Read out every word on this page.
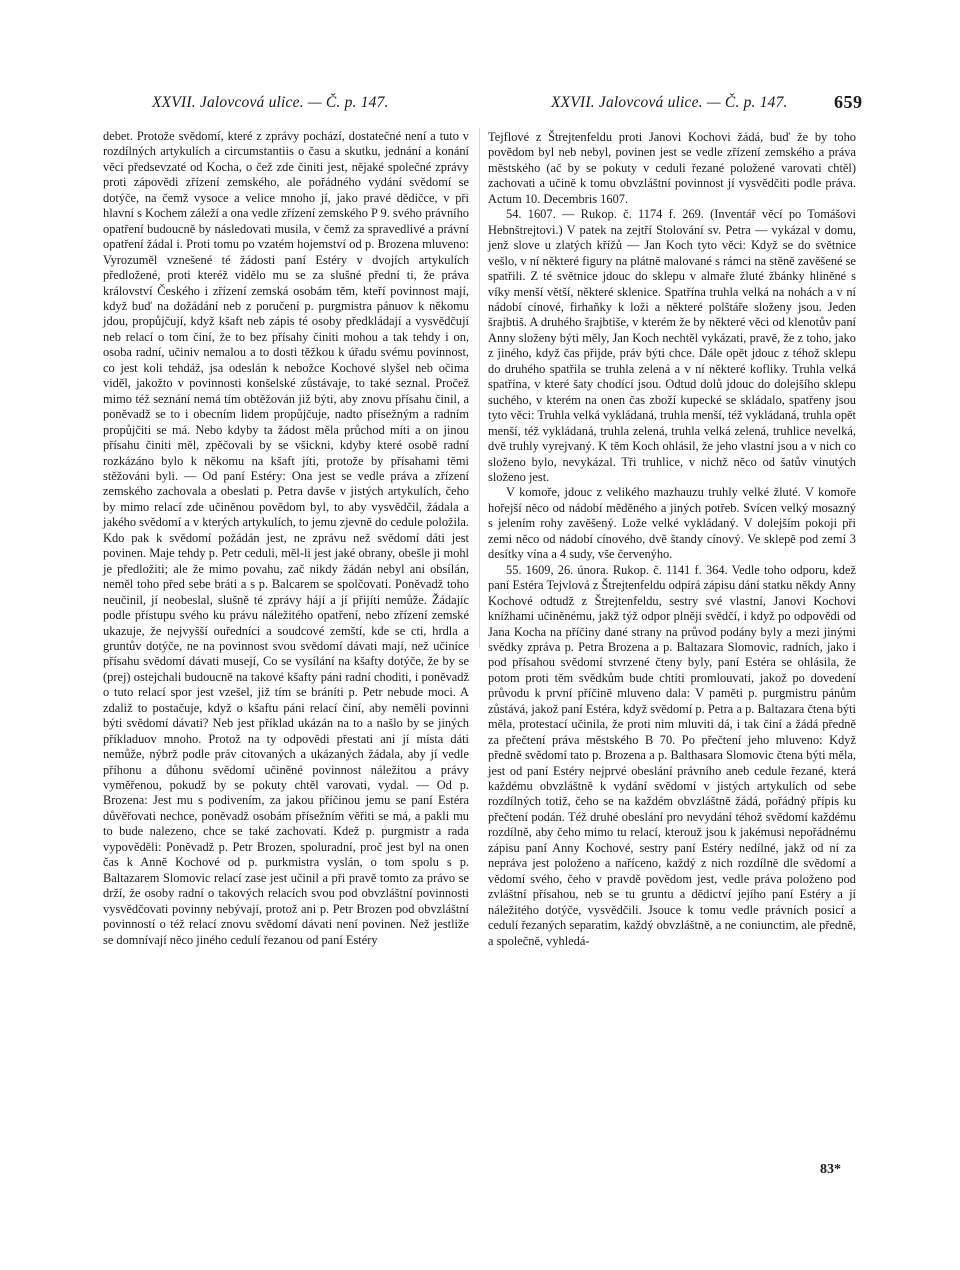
XXVII. Jalovcová ulice. — Č. p. 147.	XXVII. Jalovcová ulice. — Č. p. 147.	659

debet. Protože svědomí, které z zprávy pochází, dostatečné není a tuto v rozdílných artykulích a circumstantiis o času a skutku, jednání a konání věci předsevzaté od Kocha, o čež zde činiti jest, nějaké společné zprávy proti zápovědi zřízení zemského, ale pořádného vydání svědomí se dotýče, na čemž vysoce a velice mnoho jí, jako pravé dědičce, v při hlavní s Kochem záleží a ona vedle zřízení zemského P 9. svého právního opatření budoucně by následovati musila, v čemž za spravedlivé a právní opatření žádal i. Proti tomu po vzatém hojemství od p. Brozena mluveno: Vyrozuměl vznešené té žádosti paní Estéry v dvojích artykulích předložené, proti kteréž vidělo mu se za slušné přední ti, že práva království Českého i zřízení zemská osobám těm, kteří povinnost mají, když buď na dožádání neb z poručení p. purgmistra pánuov k někomu jdou, propůjčují, když kšaft neb zápis té osoby předkládají a vysvědčují neb relací o tom činí, že to bez přísahy činiti mohou a tak tehdy i on, osoba radní, učiniv nemalou a to dosti těžkou k úřadu svému povinnost, co jest koli tehdáž, jsa odeslán k nebožce Kochové slyšel neb očima viděl, jakožto v povinnosti konšelské zůstávaje, to také seznal. Pročež mimo též seznání nemá tím obtěžován již býti, aby znovu přísahu činil, a poněvadž se to i obecním lidem propůjčuje, nadto přísežným a radním propůjčiti se má. Nebo kdyby ta žádost měla průchod míti a on jinou přísahu činiti měl, zpěčovali by se všickni, kdyby které osobě radní rozkázáno bylo k někomu na kšaft jíti, protože by přísahami těmi stěžováni byli. — Od paní Estéry: Ona jest se vedle práva a zřízení zemského zachovala a obeslati p. Petra davše v jistých artykulích, čeho by mimo relací zde učiněnou povědom byl, to aby vysvědčil, žádala a jakého svědomí a v kterých artykulích, to jemu zjevně do cedule položila. Kdo pak k svědomí požádán jest, ne zprávu než svědomí dáti jest povinen. Maje tehdy p. Petr ceduli, měl-li jest jaké obrany, obešle ji mohl je předložiti; ale že mimo povahu, zač nikdy žádán nebyl ani obsílán, neměl toho před sebe bráti a s p. Balcarem se spolčovati. Poněvadž toho neučinil, jí neobeslal, slušně té zprávy hájí a jí přijíti nemůže. Žádajíc podle přístupu svého ku právu náležitého opatření, nebo zřízení zemské ukazuje, že nejvyšší ouředníci a soudcové zemští, kde se cti, hrdla a gruntův dotýče, ne na povinnost svou svědomí dávati mají, než učiníce přísahu svědomí dávati musejí, Co se vysílání na kšafty dotýče, že by se (prej) ostejchali budoucně na takové kšafty páni radní choditi, i poněvadž o tuto relací spor jest vzešel, již tím se bráníti p. Petr nebude moci. A zdaliž to postačuje, když o kšaftu páni relací činí, aby neměli povinni býti svědomí dávati? Neb jest příklad ukázán na to a našlo by se jiných příkladuov mnoho. Protož na ty odpovědi přestati ani jí místa dáti nemůže, nýbrž podle práv citovaných a ukázaných žádala, aby jí vedle příhonu a důhonu svědomí učiněné povinnost náležitou a právy vyměřenou, pokudž by se pokuty chtěl varovati, vydal. — Od p. Brozena: Jest mu s podivením, za jakou příčinou jemu se paní Estéra důvěřovati nechce, poněvadž osobám přísežním věřiti se má, a pakli mu to bude nalezeno, chce se také zachovati. Kdež p. purgmistr a rada vypověděli: Poněvadž p. Petr Brozen, spoluradní, proč jest byl na onen čas k Anně Kochové od p. purkmistra vyslán, o tom spolu s p. Baltazarem Slomovic relací zase jest učinil a při pravě tomto za právo se drží, že osoby radní o takových relacích svou pod obvzláštní povinnosti vysvědčovati povinny nebývají, protož ani p. Petr Brozen pod obvzláštní povinností o též relací znovu svědomí dávati není povinen. Než jestliže se domnívají něco jiného cedulí řezanou od paní Estéry

Tejflové z Štrejtenfeldu proti Janovi Kochovi žádá, buď že by toho povědom byl neb nebyl, povinen jest se vedle zřízení zemského a práva městského (ač by se pokuty v ceduli řezané položené varovati chtěl) zachovati a učině k tomu obvzláštní povinnost jí vysvědčiti podle práva. Actum 10. Decembris 1607.

54. 1607. — Rukop. č. 1174 f. 269. (Inventář věcí po Tomášovi Hebnštrejtovi.) V patek na zejtří Stolování sv. Petra — vykázal v domu, jenž slove u zlatých křížů — Jan Koch tyto věci: Když se do světnice vešlo, v ní některé figury na plátně malované s rámci na stěně zavěšené se spatřili. Z té světnice jdouc do sklepu v almaře žluté žbánky hliněné s víky menší větší, některé sklenice. Spatřína truhla velká na nohách a v ní nádobí cínové, firhaňky k loži a některé polštáře složeny jsou. Jeden šrajbtiš. A druhého šrajbtiše, v kterém že by některé věci od klenotův paní Anny složeny býti měly, Jan Koch nechtěl vykázati, pravě, že z toho, jako z jiného, když čas přijde, práv býti chce. Dále opět jdouc z téhož sklepu do druhého spatřila se truhla zelená a v ní některé kofliky. Truhla velká spatřína, v které šaty chodící jsou. Odtud dolů jdouc do dolejšího sklepu suchého, v kterém na onen čas zboží kupecké se skládalo, spatřeny jsou tyto věci: Truhla velká vykládaná, truhla menší, též vykládaná, truhla opět menší, též vykládaná, truhla zelená, truhla velká zelená, truhlice nevelká, dvě truhly vyrejvaný. K těm Koch ohlásil, že jeho vlastní jsou a v nich co složeno bylo, nevykázal. Tři truhlice, v nichž něco od šatův vinutých složeno jest.

V komoře, jdouc z velikého mazhauzu truhly velké žluté. V komoře hořejší něco od nádobí měděného a jiných potřeb. Svícen velký mosazný s jelením rohy zavěšený. Lože velké vykládaný. V dolejším pokoji při zemi něco od nádobí cínového, dvě štandy cínový. Ve sklepě pod zemí 3 desítky vína a 4 sudy, vše červenýho.

55. 1609, 26. února. Rukop. č. 1141 f. 364. Vedle toho odporu, kdež paní Estéra Tejvlová z Štrejtenfeldu odpírá zápisu dání statku někdy Anny Kochové odtudž z Štrejtenfeldu, sestry své vlastní, Janovi Kochovi knížhami učiněnému, jakž týž odpor plněji svědčí, i když po odpovědi od Jana Kocha na příčiny dané strany na průvod podány byly a mezi jinými svědky zpráva p. Petra Brozena a p. Baltazara Slomovic, radních, jako i pod přísahou svědomí stvrzené čteny byly, paní Estéra se ohlásila, že potom proti těm svědkům bude chtíti promlouvati, jakož po dovedení průvodu k první příčině mluveno dala: V paměti p. purgmistru pánům zůstává, jakož paní Estéra, když svědomí p. Petra a p. Baltazara čtena býti měla, protestací učinila, že proti nim mluviti dá, i tak činí a žádá předně za přečtení práva městského B 70. Po přečtení jeho mluveno: Když předně svědomí tato p. Brozena a p. Balthasara Slomovic čtena býti měla, jest od paní Estéry nejprvé obeslání právního aneb cedule řezané, která každému obvzláštně k vydání svědomí v jistých artykulích od sebe rozdílných totiž, čeho se na každém obvzláštně žádá, pořádný přípis ku přečtení podán. Též druhé obeslání pro nevydání téhož svědomí každému rozdílně, aby čeho mimo tu relací, kterouž jsou k jakémusi nepořádnému zápisu paní Anny Kochové, sestry paní Estéry nedílné, jakž od ní za nepráva jest položeno a naříceno, každý z nich rozdílně dle svědomí a vědomí svého, čeho v pravdě povědom jest, vedle práva položeno pod zvláštní přísahou, neb se tu gruntu a dědictví jejího paní Estéry a jí náležitého dotýče, vysvědčili. Jsouce k tomu vedle právních posicí a cedulí řezaných separatim, každý obvzláštně, a ne coniunctim, ale předně, a společně, vyhledá-

83*
